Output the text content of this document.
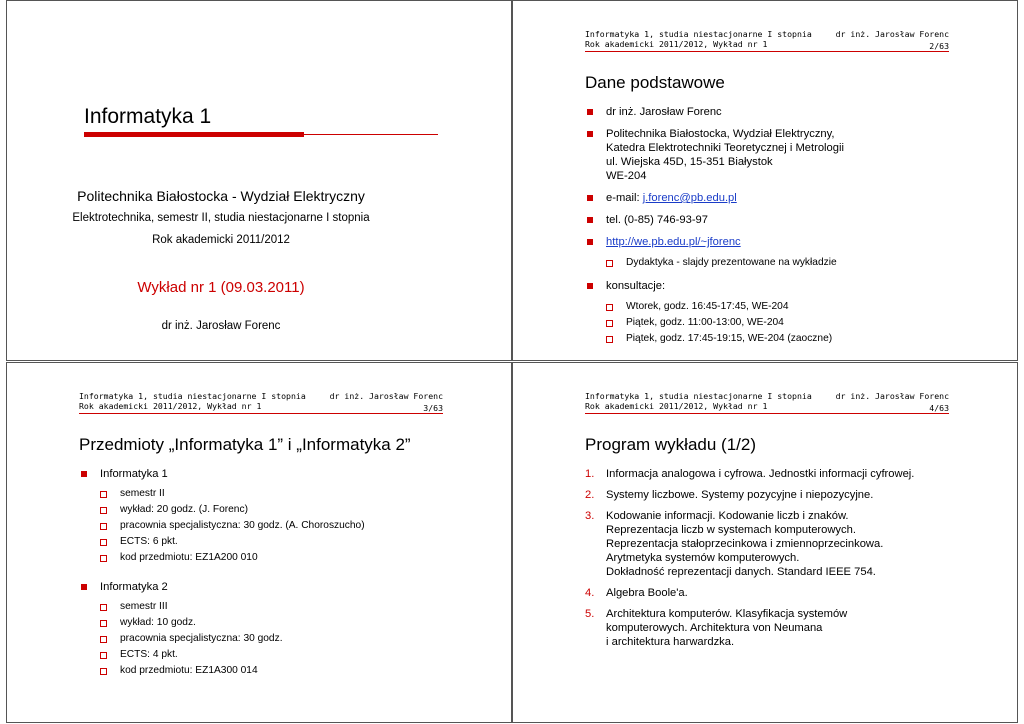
Informatyka 1
Politechnika Białostocka - Wydział Elektryczny
Elektrotechnika, semestr II, studia niestacjonarne I stopnia
Rok akademicki 2011/2012
Wykład nr 1 (09.03.2011)
dr inż. Jarosław Forenc
Informatyka 1, studia niestacjonarne I stopnia
Rok akademicki 2011/2012, Wykład nr 1
dr inż. Jarosław Forenc
2/63
Dane podstawowe
dr inż. Jarosław Forenc
Politechnika Białostocka, Wydział Elektryczny,
Katedra Elektrotechniki Teoretycznej i Metrologii
ul. Wiejska 45D, 15-351 Białystok
WE-204
e-mail: j.forenc@pb.edu.pl
tel. (0-85) 746-93-97
http://we.pb.edu.pl/~jforenc
Dydaktyka - slajdy prezentowane na wykładzie
konsultacje:
Wtorek, godz. 16:45-17:45, WE-204
Piątek, godz. 11:00-13:00, WE-204
Piątek, godz. 17:45-19:15, WE-204 (zaoczne)
Informatyka 1, studia niestacjonarne I stopnia
Rok akademicki 2011/2012, Wykład nr 1
dr inż. Jarosław Forenc
3/63
Przedmioty „Informatyka 1” i „Informatyka 2”
Informatyka 1
semestr II
wykład: 20 godz. (J. Forenc)
pracownia specjalistyczna: 30 godz. (A. Choroszucho)
ECTS: 6 pkt.
kod przedmiotu: EZ1A200 010
Informatyka 2
semestr III
wykład: 10 godz.
pracownia specjalistyczna: 30 godz.
ECTS: 4 pkt.
kod przedmiotu: EZ1A300 014
Informatyka 1, studia niestacjonarne I stopnia
Rok akademicki 2011/2012, Wykład nr 1
dr inż. Jarosław Forenc
4/63
Program wykładu (1/2)
1. Informacja analogowa i cyfrowa. Jednostki informacji cyfrowej.
2. Systemy liczbowe. Systemy pozycyjne i niepozycyjne.
3. Kodowanie informacji. Kodowanie liczb i znaków.
Reprezentacja liczb w systemach komputerowych.
Reprezentacja stałoprzecinkowa i zmiennoprzecinkowa.
Arytmetyka systemów komputerowych.
Dokładność reprezentacji danych. Standard IEEE 754.
4. Algebra Boole'a.
5. Architektura komputerów. Klasyfikacja systemów
komputerowych. Architektura von Neumana
i architektura harwardzka.
